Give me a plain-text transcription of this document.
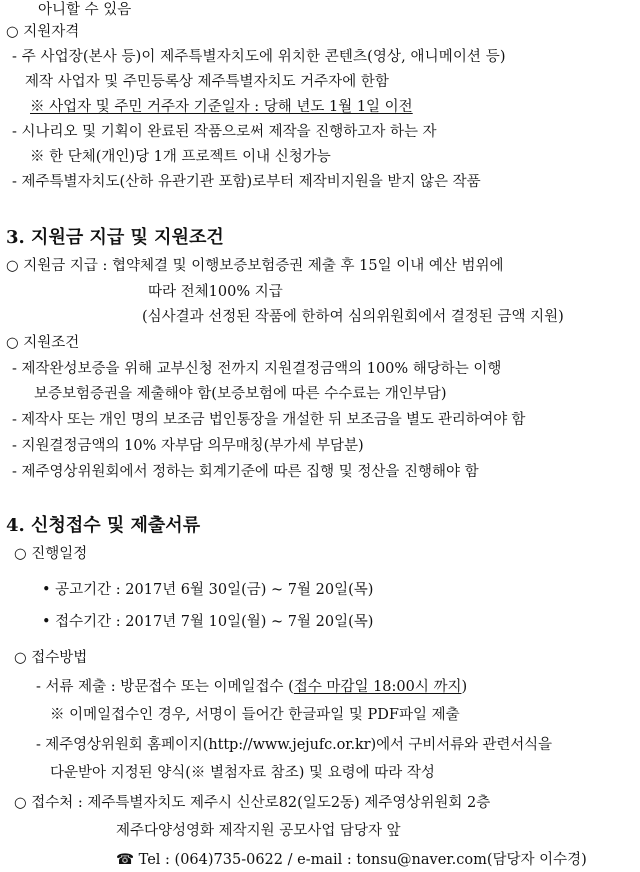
아니할 수 있음
○ 지원자격
- 주 사업장(본사 등)이 제주특별자치도에 위치한 콘텐츠(영상, 애니메이션 등)
제작 사업자 및 주민등록상 제주특별자치도 거주자에 한함
※ 사업자 및 주민 거주자 기준일자 : 당해 년도 1월 1일 이전
- 시나리오 및 기획이 완료된 작품으로써 제작을 진행하고자 하는 자
※ 한 단체(개인)당 1개 프로젝트 이내 신청가능
- 제주특별자치도(산하 유관기관 포함)로부터 제작비지원을 받지 않은 작품
3. 지원금 지급 및 지원조건
○ 지원금 지급 : 협약체결 및 이행보증보험증권 제출 후 15일 이내 예산 범위에
따라 전체100% 지급
(심사결과 선정된 작품에 한하여 심의위원회에서 결정된 금액 지원)
○ 지원조건
- 제작완성보증을 위해 교부신청 전까지 지원결정금액의 100% 해당하는 이행
보증보험증권을 제출해야 함(보증보험에 따른 수수료는 개인부담)
- 제작사 또는 개인 명의 보조금 법인통장을 개설한 뒤 보조금을 별도 관리하여야 함
- 지원결정금액의 10% 자부담 의무매칭(부가세 부담분)
- 제주영상위원회에서 정하는 회계기준에 따른 집행 및 정산을 진행해야 함
4. 신청접수 및 제출서류
○ 진행일정
• 공고기간 : 2017년 6월 30일(금) ~ 7월 20일(목)
• 접수기간 : 2017년 7월 10일(월) ~ 7월 20일(목)
○ 접수방법
- 서류 제출 : 방문접수 또는 이메일접수 (접수 마감일 18:00시 까지)
※ 이메일접수인 경우, 서명이 들어간 한글파일 및 PDF파일 제출
- 제주영상위원회 홈페이지(http://www.jejufc.or.kr)에서 구비서류와 관련서식을
다운받아 지정된 양식(※ 별첨자료 참조) 및 요령에 따라 작성
○ 접수처 : 제주특별자치도 제주시 신산로82(일도2동) 제주영상위원회 2층
제주다양성영화 제작지원 공모사업 담당자 앞
☎ Tel : (064)735-0622 / e-mail : tonsu@naver.com(담당자 이수경)
